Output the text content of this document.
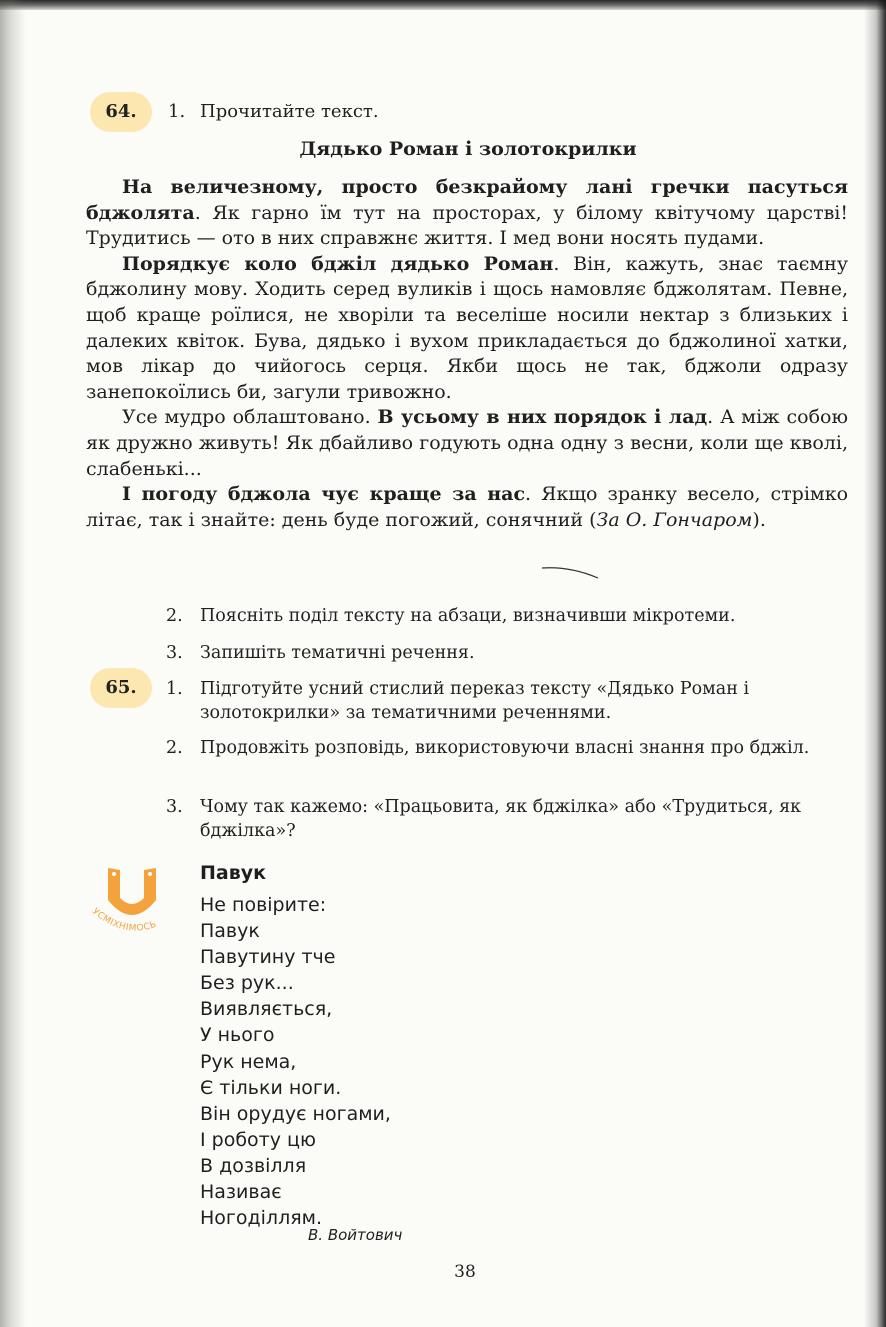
64.	1. Прочитайте текст.
Дядько Роман і золотокрилки

На величезному, просто безкрайому лані гречки пасуться бджолята. Як гарно їм тут на просторах, у білому квітучому царстві! Трудитись — ото в них справжнє життя. І мед вони носять пудами.

Порядкує коло бджіл дядько Роман. Він, кажуть, знає таємну бджолину мову. Ходить серед вуликів і щось намовляє бджолятам. Певне, щоб краще роїлися, не хворіли та веселіше носили нектар з близьких і далеких квіток. Бува, дядько і вухом прикладається до бджолиної хатки, мов лікар до чийогось серця. Якби щось не так, бджоли одразу занепокоїлись би, загули тривожно.

Усе мудро облаштовано. В усьому в них порядок і лад. А між собою як дружно живуть! Як дбайливо годують одна одну з весни, коли ще кволі, слабенькі...

І погоду бджола чує краще за нас. Якщо зранку весело, стрімко літає, так і знайте: день буде погожий, сонячний (За О. Гончаром).

2. Поясніть поділ тексту на абзаци, визначивши мікротеми.
3. Запишіть тематичні речення.
65.	1. Підготуйте усний стислий переказ тексту «Дядько Роман і золотокрилки» за тематичними реченнями.
2. Продовжіть розповідь, використовуючи власні знання про бджіл.
3. Чому так кажемо: «Працьовита, як бджілка» або «Трудиться, як бджілка»?
УСМІХНІМОСЬ
Павук
Не повірите:
Павук
Павутину тче
Без рук...
Виявляється,
У нього
Рук нема,
Є тільки ноги.
Він орудує ногами,
І роботу цю
В дозвілля
Називає
Ногоділлям.
В. Войтович
38
